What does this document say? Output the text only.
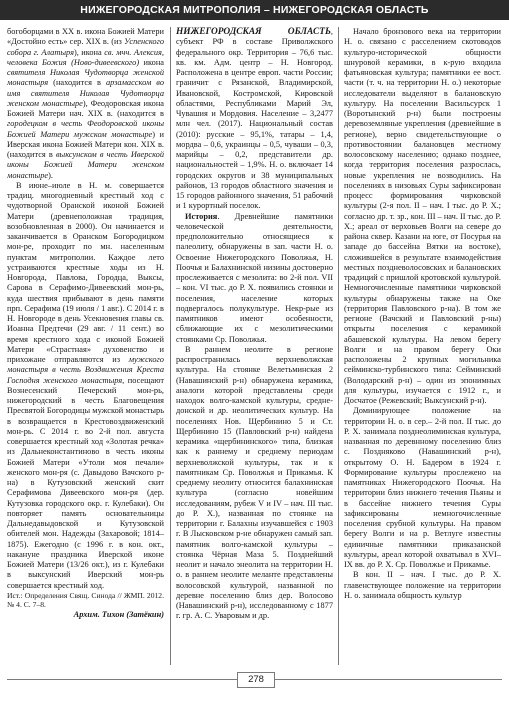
НИЖЕГОРОДСКАЯ МИТРОПОЛИЯ – НИЖЕГОРОДСКАЯ ОБЛАСТЬ

богоборцами в XX в. икона Божией Матери «Достойно есть» сер. XIX в. (из Успенского собора г. Алатыря), икона св. мчч. Алексия, человека Божия (Ново-дивеевского) икона святителя Николая Чудотворца женской монастыря (находится в арзамасском во имя святителя Николая Чудотворца женском монастыре), Феодоровская икона Божией Матери нач. XIX в. (находится в городецком в честь Феодоровской иконы Божией Матери мужском монастыре) и Иверская икона Божией Матери кон. XIX в. (находится в выксунском в честь Иверской иконы Божией Матери женском монастыре).

В июне–июле в Н. м. совершается традиц. многодневный крестный ход с чудотворной Оранской иконой Божией Матери (древнеположная традиция, возобновленная в 2000). Он начинается и заканчивается в Оранском Богородицком мон-ре, проходит по мн. населенным пунктам митрополии. Каждое лето устраиваются крестные ходы из Н. Новгорода, Павлова, Городца, Выксы, Сарова в Серафимо-Дивеевский мон-рь, куда шествия прибывают в день памяти прп. Серафима (19 июля / 1 авг.). С 2014 г. в Н. Новгороде в день Усекновения главы св. Иоанна Предтечи (29 авг. / 11 сент.) во время крестного хода с иконой Божией Матери «Страстная» духовенство и прихожане отправляются из мужского монастыря в честь Воздвижения Креста Господня женского монастыря, посещают Вознесенский Печерский мон-рь, нижегородский в честь Благовещения Пресвятой Богородицы мужской монастырь в возвращается в Крестовоздвиженский мон-рь. С 2014 г. во 2-й пол. августа совершается крестный ход «Золотая речка» из Дальнеконстантиново в честь иконы Божией Матери «Утоли моя печали» женского мон-ря (с. Давыдово Вачского р-на) в Кутузовский женский скит Серафимова Дивеевского мон-ря (дер. Кутузовка городского окр. г. Кулебаки). Он повторяет память основательницы Дальнедавыдовской и Кутузовской обителей мон. Надежды (Захаровой; 1814–1875). Ежегодно (с 1996 г. в кон. окт., накануне праздника Иверской иконе Божией Матери (13/26 окт.), из г. Кулебаки в выксунский Иверский мон-рь совершается крестный ход.

Ист.: Определения Свящ. Синода // ЖМП. 2012. № 4. С. 7–8.

Архим. Тихон (Затёкин)

НИЖЕГОРО́ДСКАЯ ОБЛАСТЬ, субъект РФ в составе Приволжского федерального окр. Территория – 76,6 тыс. кв. км. Адм. центр – Н. Новгород. Расположена в центре европ. части России; граничит с Рязанской, Владимирской, Ивановской, Костромской, Кировской областями, Республиками Марий Эл, Чувашия и Мордовия. Население – 3,2477 млн чел. (2017). Национальный состав (2010): русские – 95,1%, татары – 1,4, мордва – 0,6, украинцы – 0,5, чуваши – 0,3, марийцы – 0,2, представители др. национальностей – 1,9%. Н. о. включает 14 городских округов и 38 муниципальных районов, 13 городов областного значения и 15 городов районного значения, 51 рабочий и 1 курортный поселок.

История. Древнейшие памятники человеческой деятельности, предположительно относящиеся к палеолиту, обнаружены в зап. части Н. о. Освоение Нижегородского Поволжья, Н. Поочья и Балахнинской низины достоверно прослеживается с мезолита: во 2-й пол. VII – кон. VI тыс. до Р. Х. появились стоянки и поселения, население которых подвергалось полукультуре. Некр-рые из памятников имеют особенности, сближающие их с мезолитическими стоянками Ср. Поволжья.

В раннем неолите в регионе распространилась верхневолжская культура. На стоянке Велетьминская 2 (Навашинский р-н) обнаружена керамика, аналоги которой представлены среди находок волго-камской культуры, средне-донской и др. неолитических культур. На поселениях Нов. Щербинино 5 и Ст. Щербинино 15 (Павловский р-н) найдена керамика «щербининского» типа, близкая как к раннему и среднему периодам верхневолжской культуры, так и к памятникам Ср. Поволжья и Прикамья. К среднему неолиту относится балахнинская культура (согласно новейшим исследованиям, рубеж V и IV – нач. III тыс. до Р. Х.), названная по стоянке на территории г. Балахны изучавшейся с 1903 г. В Лысковском р-не обнаружен самый зап. памятник волго-камской культуры – стоянка Чёрная Маза 5. Позднейший неолит и начало энеолита на территории Н. о. в раннем неолите меланте представлены волосовской культурой, названной по деревне поселению близ дер. Волосово (Навашинский р-н), исследованному с 1877 г. гр. А. С. Уваровым и др.

Начало бронзового века на территории Н. о. связано с расселением скотоводов культуро-исторической общности шнуровой керамики, в к-рую входила фатьяновская культура; памятники ее вост. части (т. ч. на территории Н. о.) некоторые исследователи выделяют в балановскую культуру. На поселении Васильсурск 1 (Воротынский р-н) были построены деревоземляные укрепления (древнейшие в регионе), верно свидетельствующие о противостоянии балановцев местному волосовскому населению; однако позднее, когда территория поселения разрослась, новые укрепления не возводились. На поселениях в низовьях Суры зафиксирован процесс формирования чирковской культуры (2-я пол. II – нач. I тыс. до Р. Х.; согласно др. т. зр., кон. III – нач. II тыс. до Р. Х.; ареал от верховьев Волги на севере до района сквер. Казани на юге, от Посурья на западе до бассейна Вятки на востоке), сложившейся в результате взаимодействия местных поздневолосовских и балановских традиций с пришлой кротовской культурой. Немногочисленные памятники чирковской культуры обнаружены также на Оке (территория Павловского р-на). В том же регионе (Вачский и Павловский р-ны) открыты поселения с керамикой абашевской культуры. На левом берегу Волги и на правом берегу Оки расположены 2 крупных могильника сейминско-турбинского типа: Сейминский (Володарский р-н) – один из эпонимных для культуры, изучается с 1912 г., и Досчатое (Режевский; Выксунский р-н).

Доминирующее положение на территории Н. о. в сер.– 2-й пол. II тыс. до Р. Х. занимала позднеолиминская культура, названная по деревнному поселению близ с. Поздняково (Навашинский р-н), открытому О. Н. Бадером в 1924 г. Формирование культуры прослежено на памятниках Нижегородского Поочья. На территории близ нижнего течения Пьяны и в бассейне нижнего течения Суры зафиксированы немногочисленные поселения срубной культуры. На правом берегу Волги и на р. Ветлуге известны единичные памятники приказанской культуры, ареал которой охватывал в XVI–IX вв. до Р. Х. Ср. Поволжье и Прикамье.

В кон. II – нач. I тыс. до Р. Х. главенствующее положение на территории Н. о. занимала общность культур

278
